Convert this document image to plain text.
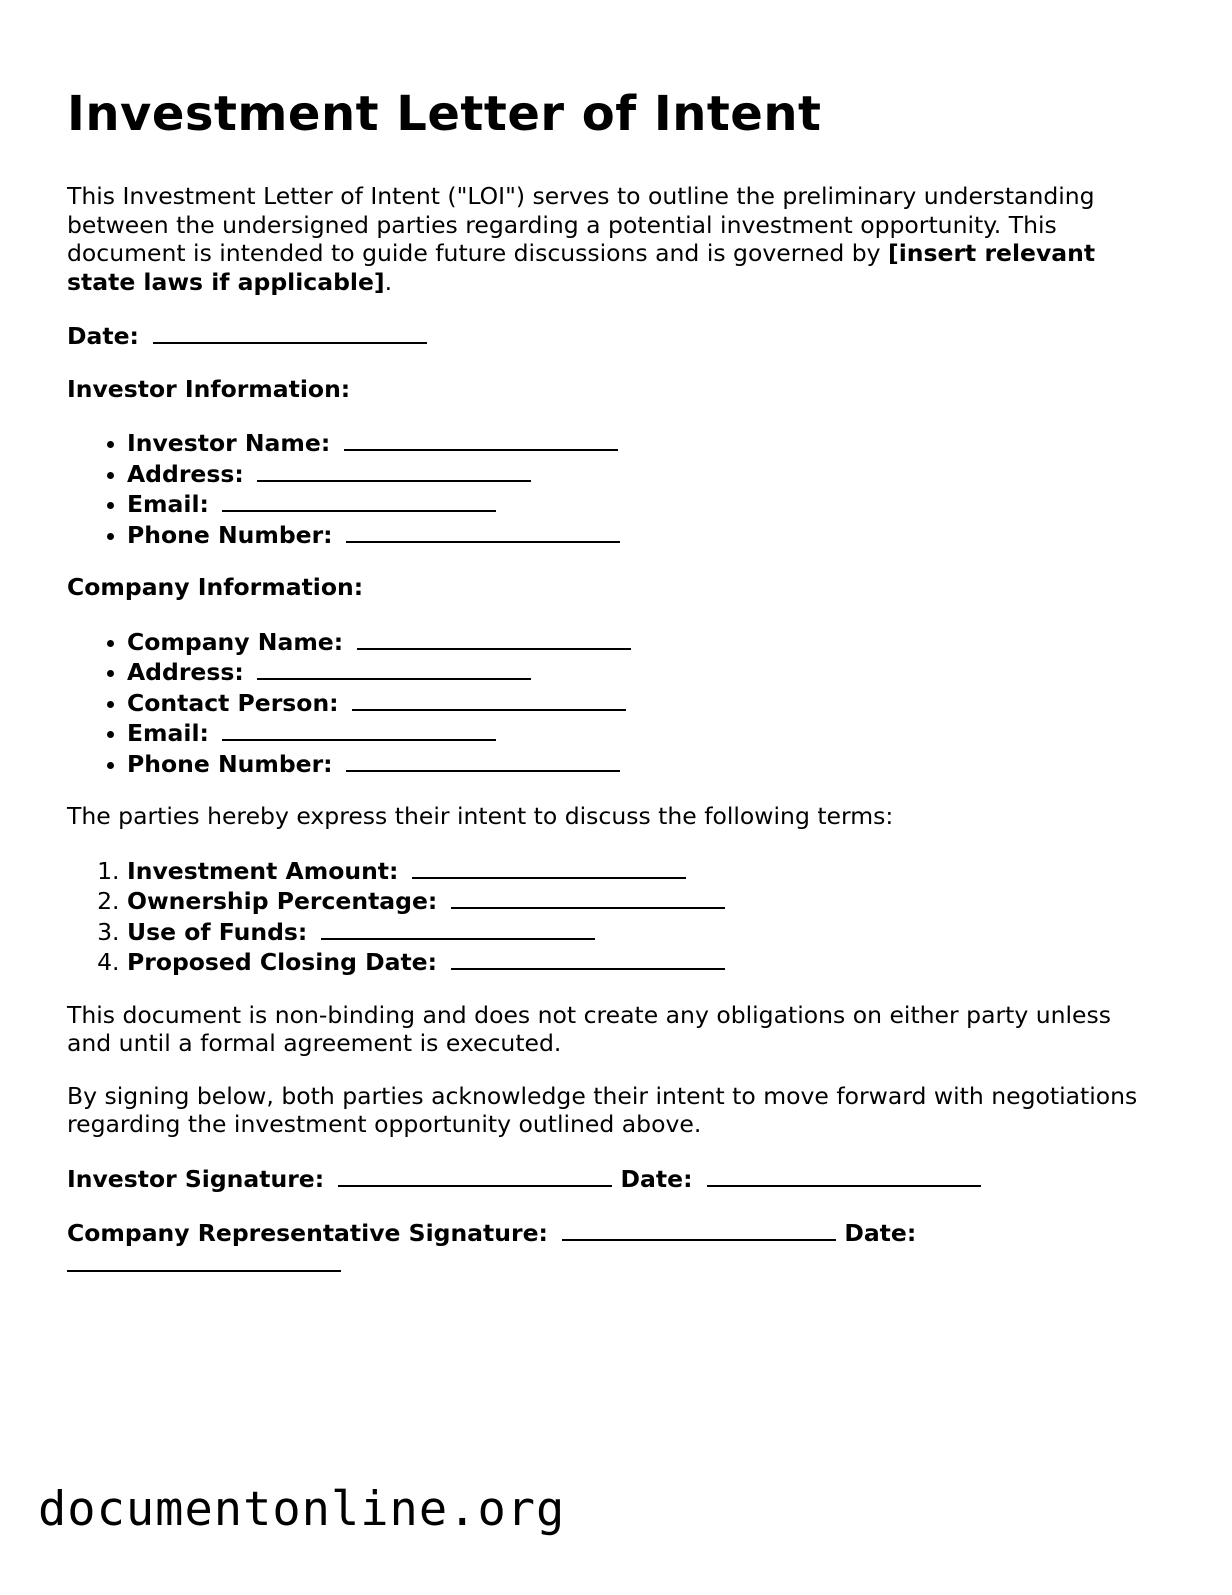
Investment Letter of Intent

This Investment Letter of Intent ("LOI") serves to outline the preliminary understanding between the undersigned parties regarding a potential investment opportunity. This document is intended to guide future discussions and is governed by [insert relevant state laws if applicable].

Date:

Investor Information:

• Investor Name:
• Address:
• Email:
• Phone Number:

Company Information:

• Company Name:
• Address:
• Contact Person:
• Email:
• Phone Number:

The parties hereby express their intent to discuss the following terms:

1. Investment Amount:
2. Ownership Percentage:
3. Use of Funds:
4. Proposed Closing Date:

This document is non-binding and does not create any obligations on either party unless and until a formal agreement is executed.

By signing below, both parties acknowledge their intent to move forward with negotiations regarding the investment opportunity outlined above.

Investor Signature:	Date:

Company Representative Signature:	Date:

documentonline.org
